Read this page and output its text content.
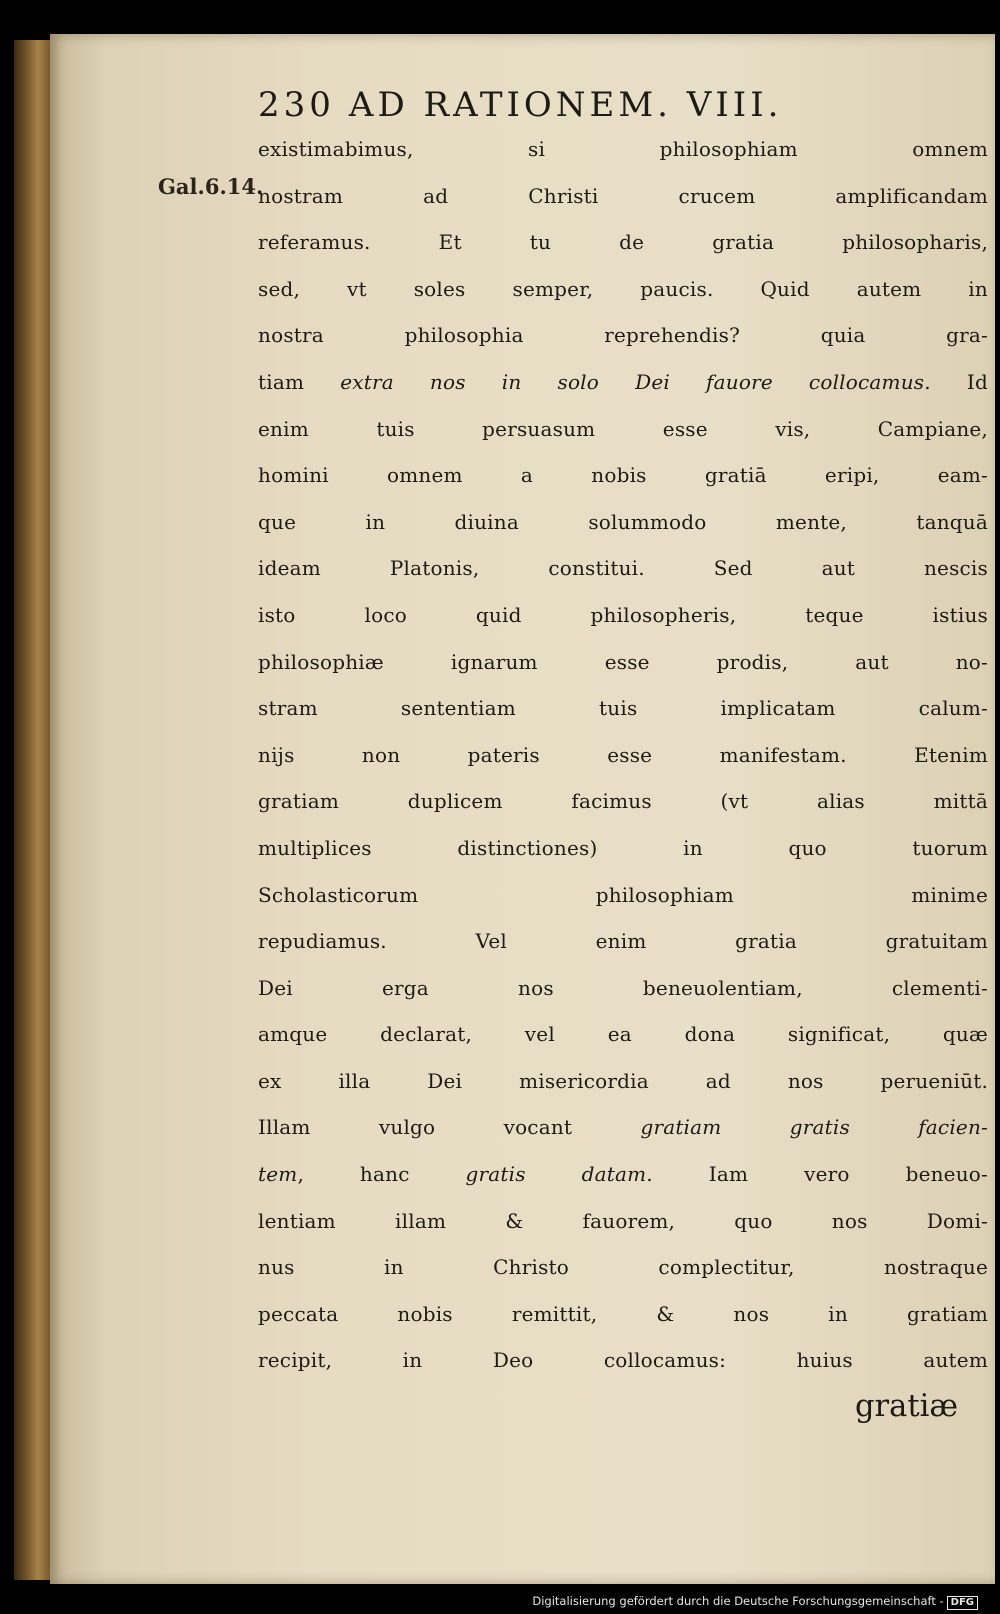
Gal.6.14.
230 AD RATIONEM. VIII.
existimabimus, si philosophiam omnem
nostram ad Christi crucem amplificandam
referamus. Et tu de gratia philosopharis,
sed, vt soles semper, paucis. Quid autem in
nostra philosophia reprehendis? quia gra-
tiam extra nos in solo Dei fauore collocamus. Id
enim tuis persuasum esse vis, Campiane,
homini omnem a nobis gratiā eripi, eam-
que in diuina solummodo mente, tanquā
ideam Platonis, constitui. Sed aut nescis
isto loco quid philosopheris, teque istius
philosophiæ ignarum esse prodis, aut no-
stram sententiam tuis implicatam calum-
nijs non pateris esse manifestam. Etenim
gratiam duplicem facimus (vt alias mittā
multiplices distinctiones) in quo tuorum
Scholasticorum philosophiam minime
repudiamus. Vel enim gratia gratuitam
Dei erga nos beneuolentiam, clementi-
amque declarat, vel ea dona significat, quæ
ex illa Dei misericordia ad nos perueniūt.
Illam vulgo vocant gratiam gratis facien-
tem, hanc gratis datam. Iam vero beneuo-
lentiam illam & fauorem, quo nos Domi-
nus in Christo complectitur, nostraque
peccata nobis remittit, & nos in gratiam
recipit, in Deo collocamus: huius autem
gratiæ
Digitalisierung gefördert durch die Deutsche Forschungsgemeinschaft - DFG
